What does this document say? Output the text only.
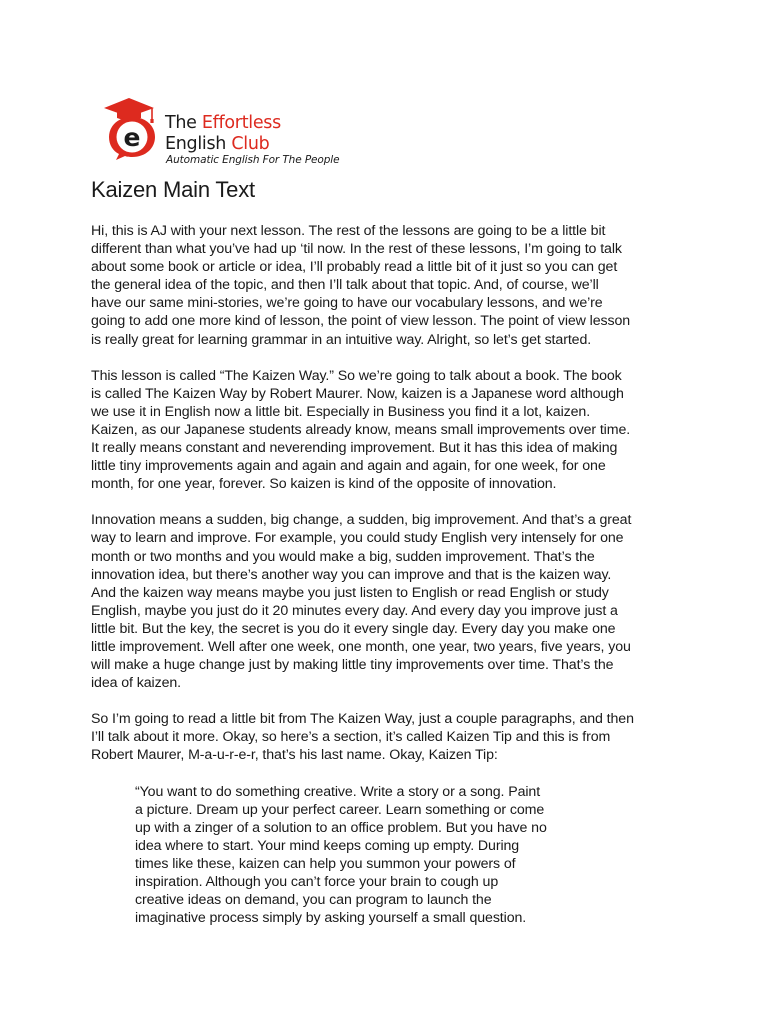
e The Effortless
English Club
Automatic English For The People
Kaizen Main Text

Hi, this is AJ with your next lesson. The rest of the lessons are going to be a little bit
different than what you’ve had up ‘til now. In the rest of these lessons, I’m going to talk
about some book or article or idea, I’ll probably read a little bit of it just so you can get
the general idea of the topic, and then I’ll talk about that topic. And, of course, we’ll
have our same mini-stories, we’re going to have our vocabulary lessons, and we’re
going to add one more kind of lesson, the point of view lesson. The point of view lesson
is really great for learning grammar in an intuitive way. Alright, so let’s get started.

This lesson is called “The Kaizen Way.” So we’re going to talk about a book. The book
is called The Kaizen Way by Robert Maurer. Now, kaizen is a Japanese word although
we use it in English now a little bit. Especially in Business you find it a lot, kaizen.
Kaizen, as our Japanese students already know, means small improvements over time.
It really means constant and neverending improvement. But it has this idea of making
little tiny improvements again and again and again and again, for one week, for one
month, for one year, forever. So kaizen is kind of the opposite of innovation.

Innovation means a sudden, big change, a sudden, big improvement. And that’s a great
way to learn and improve. For example, you could study English very intensely for one
month or two months and you would make a big, sudden improvement. That’s the
innovation idea, but there’s another way you can improve and that is the kaizen way.
And the kaizen way means maybe you just listen to English or read English or study
English, maybe you just do it 20 minutes every day. And every day you improve just a
little bit. But the key, the secret is you do it every single day. Every day you make one
little improvement. Well after one week, one month, one year, two years, five years, you
will make a huge change just by making little tiny improvements over time. That’s the
idea of kaizen.

So I’m going to read a little bit from The Kaizen Way, just a couple paragraphs, and then
I’ll talk about it more. Okay, so here’s a section, it’s called Kaizen Tip and this is from
Robert Maurer, M-a-u-r-e-r, that’s his last name. Okay, Kaizen Tip:

“You want to do something creative. Write a story or a song. Paint
a picture. Dream up your perfect career. Learn something or come
up with a zinger of a solution to an office problem. But you have no
idea where to start. Your mind keeps coming up empty. During
times like these, kaizen can help you summon your powers of
inspiration. Although you can’t force your brain to cough up
creative ideas on demand, you can program to launch the
imaginative process simply by asking yourself a small question.
